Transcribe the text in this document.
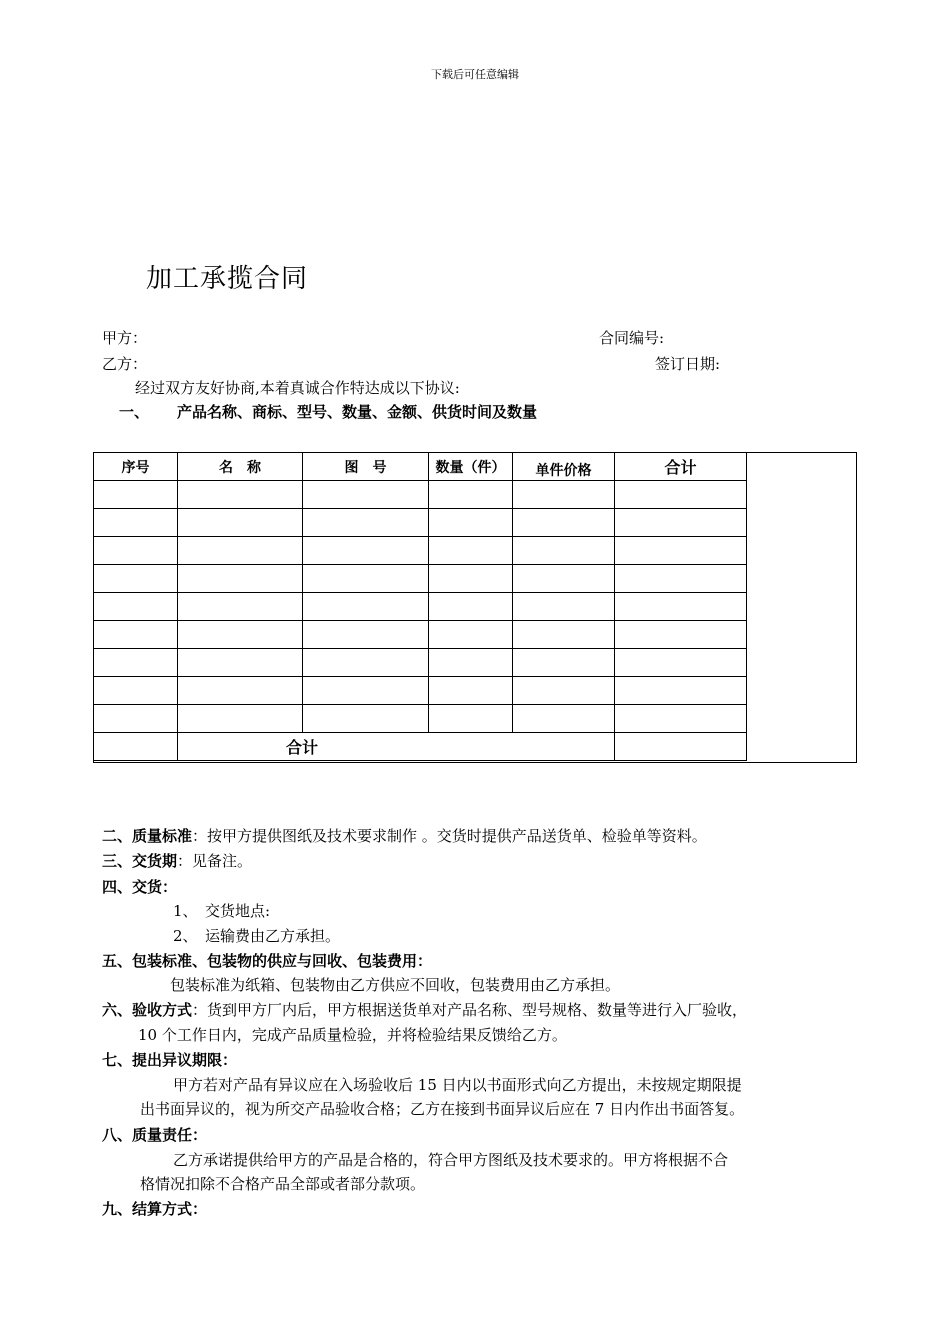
下载后可任意编辑
加工承揽合同
甲方：	合同编号:
乙方：	签订日期:
经过双方友好协商,本着真诚合作特达成以下协议:
一、 产品名称、商标、型号、数量、金额、供货时间及数量
序号	名　称	图　号	数量（件）	单件价格	合计

	合计				
二、质量标准：按甲方提供图纸及技术要求制作 。交货时提供产品送货单、检验单等资料。
三、交货期：见备注。
四、交货：
1、　交货地点:
2、　运输费由乙方承担。
五、包装标准、包装物的供应与回收、包装费用：
包装标准为纸箱、包装物由乙方供应不回收，包装费用由乙方承担。
六、验收方式：货到甲方厂内后，甲方根据送货单对产品名称、型号规格、数量等进行入厂验收，
10 个工作日内，完成产品质量检验，并将检验结果反馈给乙方。
七、提出异议期限：
甲方若对产品有异议应在入场验收后 15 日内以书面形式向乙方提出，未按规定期限提
出书面异议的，视为所交产品验收合格；乙方在接到书面异议后应在 7 日内作出书面答复。
八、质量责任：
乙方承诺提供给甲方的产品是合格的，符合甲方图纸及技术要求的。甲方将根据不合
格情况扣除不合格产品全部或者部分款项。
九、结算方式：
